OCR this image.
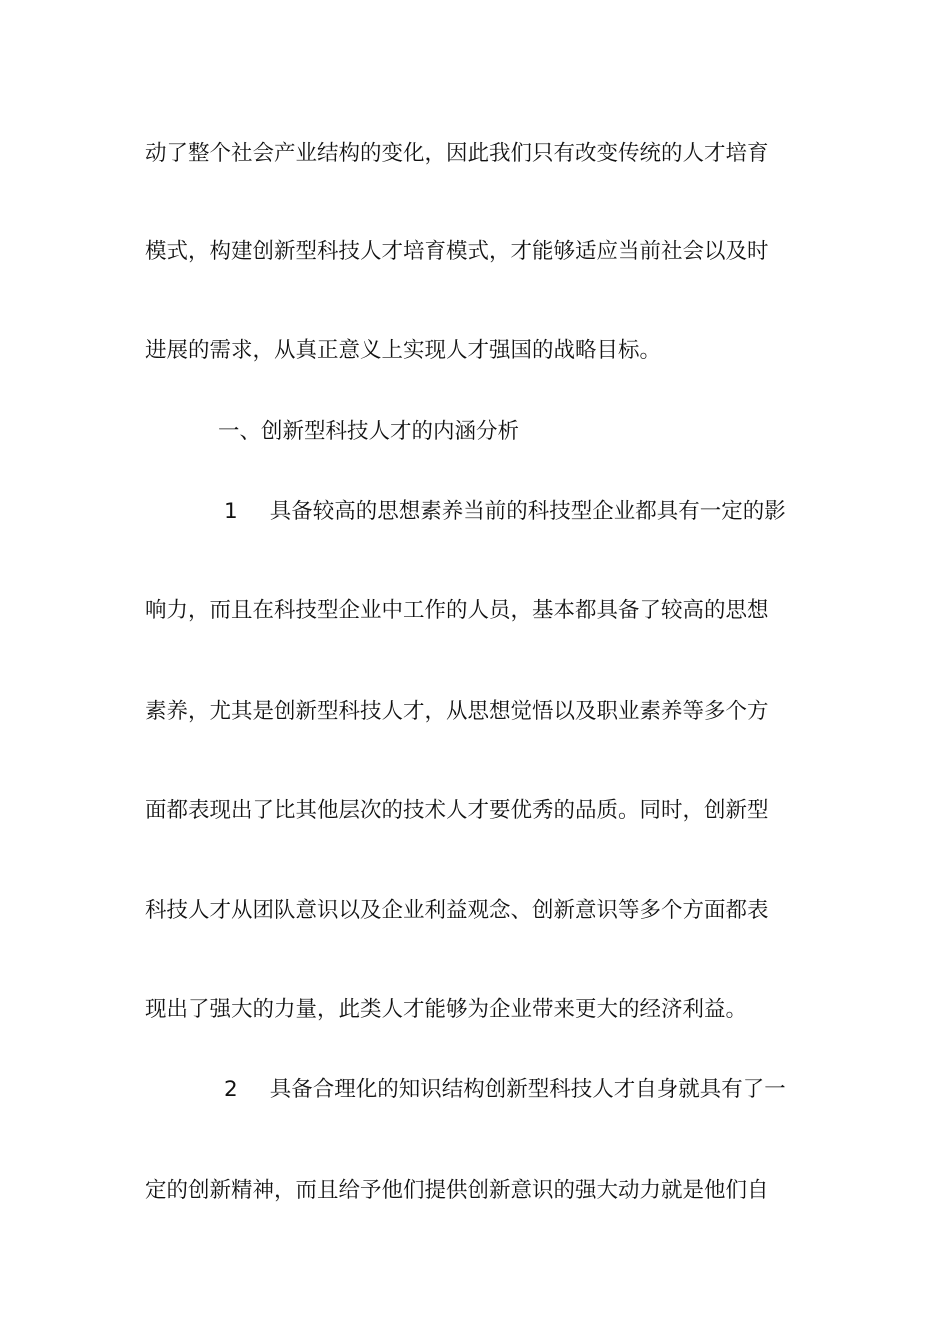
动了整个社会产业结构的变化，因此我们只有改变传统的人才培育
模式，构建创新型科技人才培育模式，才能够适应当前社会以及时
进展的需求，从真正意义上实现人才强国的战略目标。
一、创新型科技人才的内涵分析
1 具备较高的思想素养当前的科技型企业都具有一定的影
响力，而且在科技型企业中工作的人员，基本都具备了较高的思想
素养，尤其是创新型科技人才，从思想觉悟以及职业素养等多个方
面都表现出了比其他层次的技术人才要优秀的品质。同时，创新型
科技人才从团队意识以及企业利益观念、创新意识等多个方面都表
现出了强大的力量，此类人才能够为企业带来更大的经济利益。
2 具备合理化的知识结构创新型科技人才自身就具有了一
定的创新精神，而且给予他们提供创新意识的强大动力就是他们自
